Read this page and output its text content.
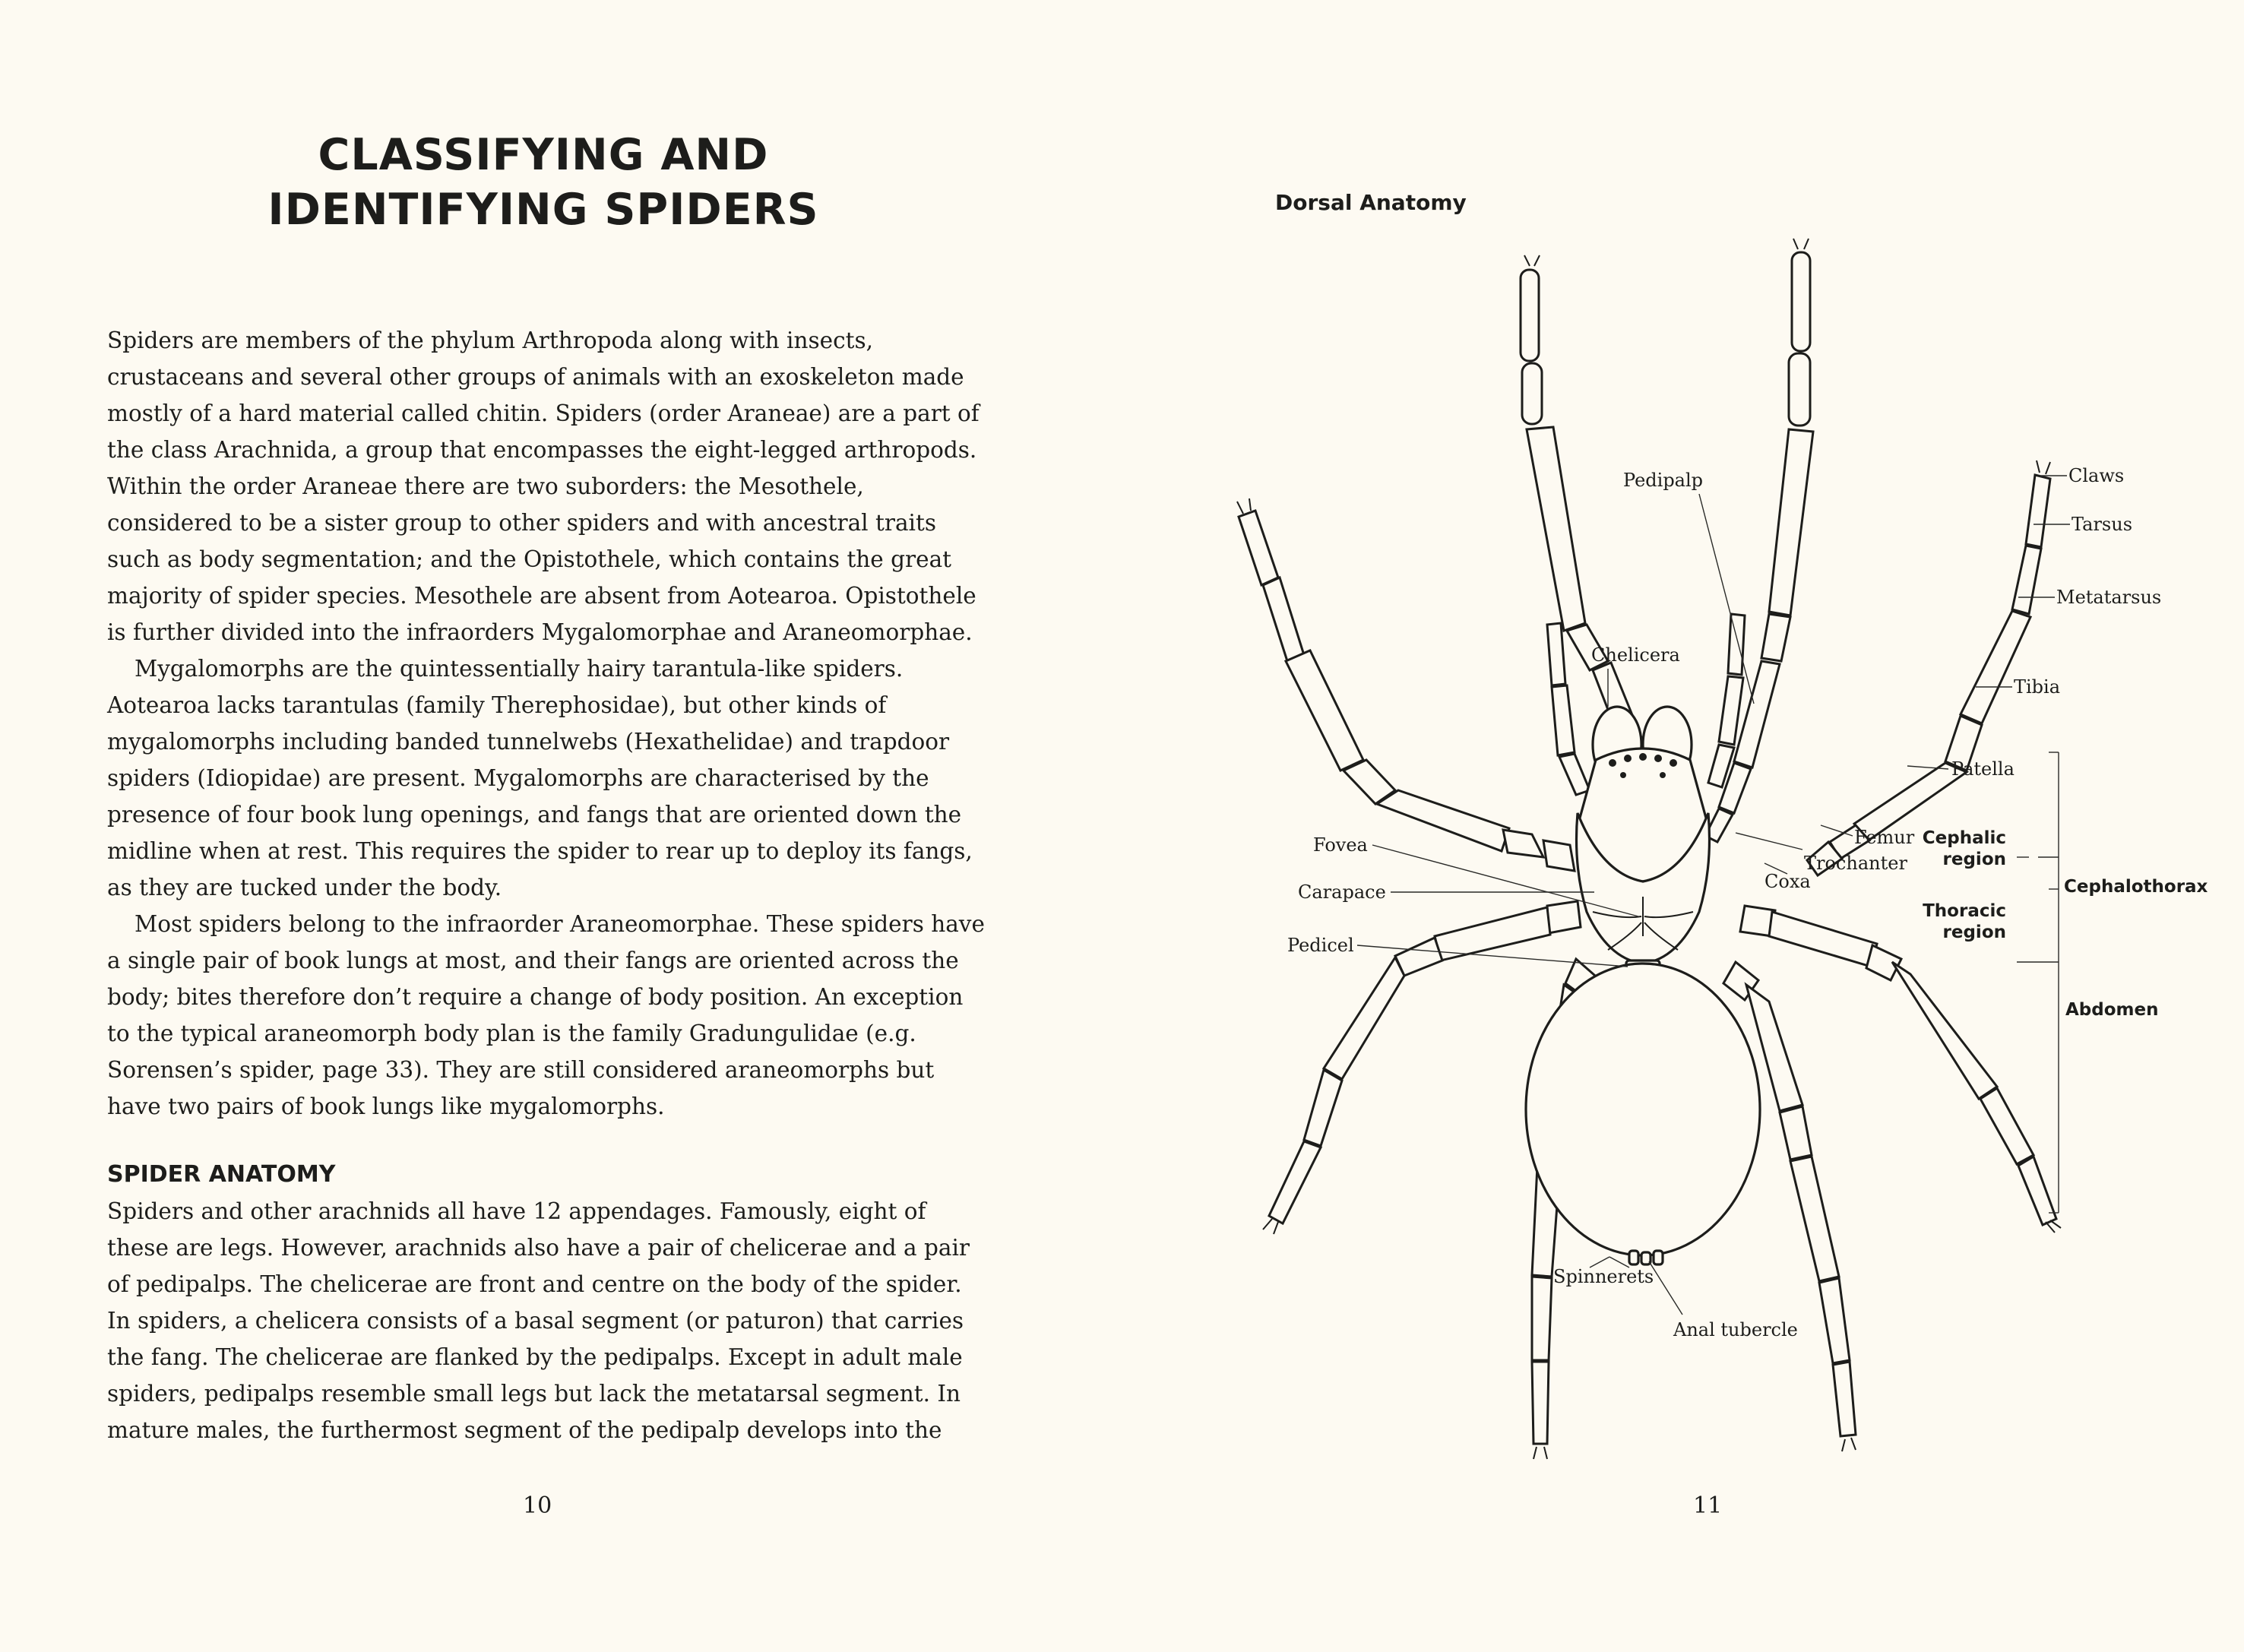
CLASSIFYING AND
IDENTIFYING SPIDERS

Spiders are members of the phylum Arthropoda along with insects, crustaceans and several other groups of animals with an exoskeleton made mostly of a hard material called chitin. Spiders (order Araneae) are a part of the class Arachnida, a group that encompasses the eight-legged arthropods. Within the order Araneae there are two suborders: the Mesothele, considered to be a sister group to other spiders and with ancestral traits such as body segmentation; and the Opistothele, which contains the great majority of spider species. Mesothele are absent from Aotearoa. Opistothele is further divided into the infraorders Mygalomorphae and Araneomorphae.

Mygalomorphs are the quintessentially hairy tarantula-like spiders. Aotearoa lacks tarantulas (family Therephosidae), but other kinds of mygalomorphs including banded tunnelwebs (Hexathelidae) and trapdoor spiders (Idiopidae) are present. Mygalomorphs are characterised by the presence of four book lung openings, and fangs that are oriented down the midline when at rest. This requires the spider to rear up to deploy its fangs, as they are tucked under the body.

Most spiders belong to the infraorder Araneomorphae. These spiders have a single pair of book lungs at most, and their fangs are oriented across the body; bites therefore don’t require a change of body position. An exception to the typical araneomorph body plan is the family Gradungulidae (e.g. Sorensen’s spider, page 33). They are still considered araneomorphs but have two pairs of book lungs like mygalomorphs.

SPIDER ANATOMY

Spiders and other arachnids all have 12 appendages. Famously, eight of these are legs. However, arachnids also have a pair of chelicerae and a pair of pedipalps. The chelicerae are front and centre on the body of the spider. In spiders, a chelicera consists of a basal segment (or paturon) that carries the fang. The chelicerae are flanked by the pedipalps. Except in adult male spiders, pedipalps resemble small legs but lack the metatarsal segment. In mature males, the furthermost segment of the pedipalp develops into the

10
Dorsal Anatomy
Claws
Tarsus
Metatarsus
Tibia
Patella
Femur
Trochanter
Coxa
Pedipalp
Chelicera
Fovea
Carapace
Pedicel
Spinnerets
Anal tubercle
Cephalic
region
Thoracic
region
Cephalothorax
Abdomen
11
